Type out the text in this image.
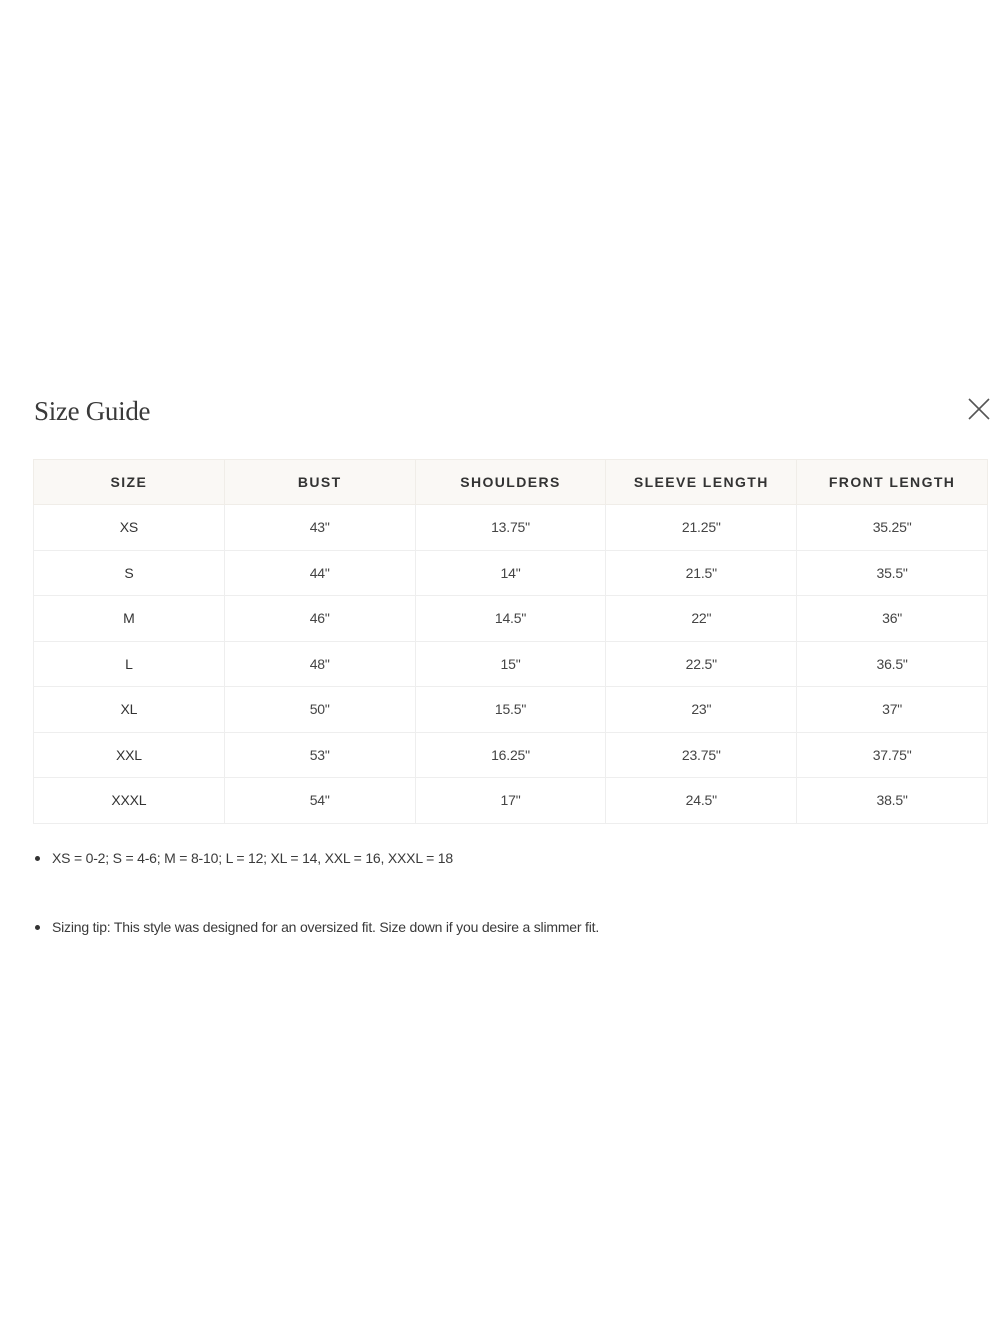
Size Guide
SIZE	BUST	SHOULDERS	SLEEVE LENGTH	FRONT LENGTH
XS	43"	13.75"	21.25"	35.25"
S	44"	14"	21.5"	35.5"
M	46"	14.5"	22"	36"
L	48"	15"	22.5"	36.5"
XL	50"	15.5"	23"	37"
XXL	53"	16.25"	23.75"	37.75"
XXXL	54"	17"	24.5"	38.5"
XS = 0-2; S = 4-6; M = 8-10; L = 12; XL = 14, XXL = 16, XXXL = 18
Sizing tip: This style was designed for an oversized fit. Size down if you desire a slimmer fit.
